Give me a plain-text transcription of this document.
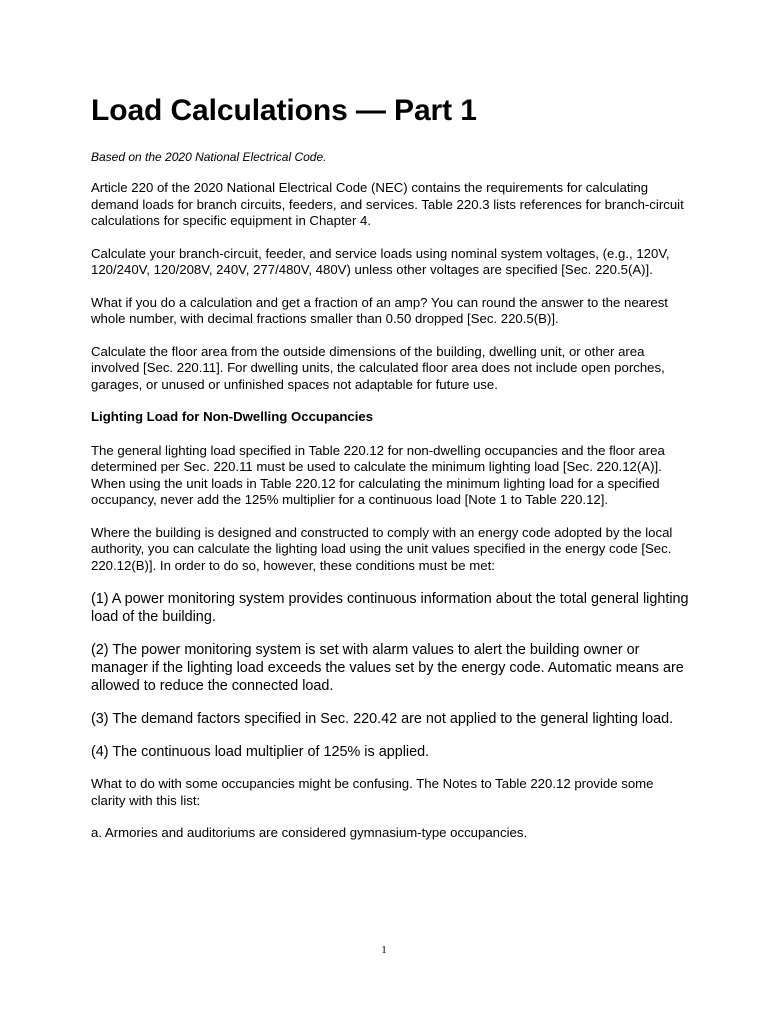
Load Calculations — Part 1

Based on the 2020 National Electrical Code.

Article 220 of the 2020 National Electrical Code (NEC) contains the requirements for calculating demand loads for branch circuits, feeders, and services. Table 220.3 lists references for branch-circuit calculations for specific equipment in Chapter 4.

Calculate your branch-circuit, feeder, and service loads using nominal system voltages, (e.g., 120V, 120/240V, 120/208V, 240V, 277/480V, 480V) unless other voltages are specified [Sec. 220.5(A)].

What if you do a calculation and get a fraction of an amp? You can round the answer to the nearest whole number, with decimal fractions smaller than 0.50 dropped [Sec. 220.5(B)].

Calculate the floor area from the outside dimensions of the building, dwelling unit, or other area involved [Sec. 220.11]. For dwelling units, the calculated floor area does not include open porches, garages, or unused or unfinished spaces not adaptable for future use.

Lighting Load for Non-Dwelling Occupancies

The general lighting load specified in Table 220.12 for non-dwelling occupancies and the floor area determined per Sec. 220.11 must be used to calculate the minimum lighting load [Sec. 220.12(A)]. When using the unit loads in Table 220.12 for calculating the minimum lighting load for a specified occupancy, never add the 125% multiplier for a continuous load [Note 1 to Table 220.12].

Where the building is designed and constructed to comply with an energy code adopted by the local authority, you can calculate the lighting load using the unit values specified in the energy code [Sec. 220.12(B)]. In order to do so, however, these conditions must be met:

(1) A power monitoring system provides continuous information about the total general lighting load of the building.

(2) The power monitoring system is set with alarm values to alert the building owner or manager if the lighting load exceeds the values set by the energy code. Automatic means are allowed to reduce the connected load.

(3) The demand factors specified in Sec. 220.42 are not applied to the general lighting load.

(4) The continuous load multiplier of 125% is applied.

What to do with some occupancies might be confusing. The Notes to Table 220.12 provide some clarity with this list:

a. Armories and auditoriums are considered gymnasium-type occupancies.

1
